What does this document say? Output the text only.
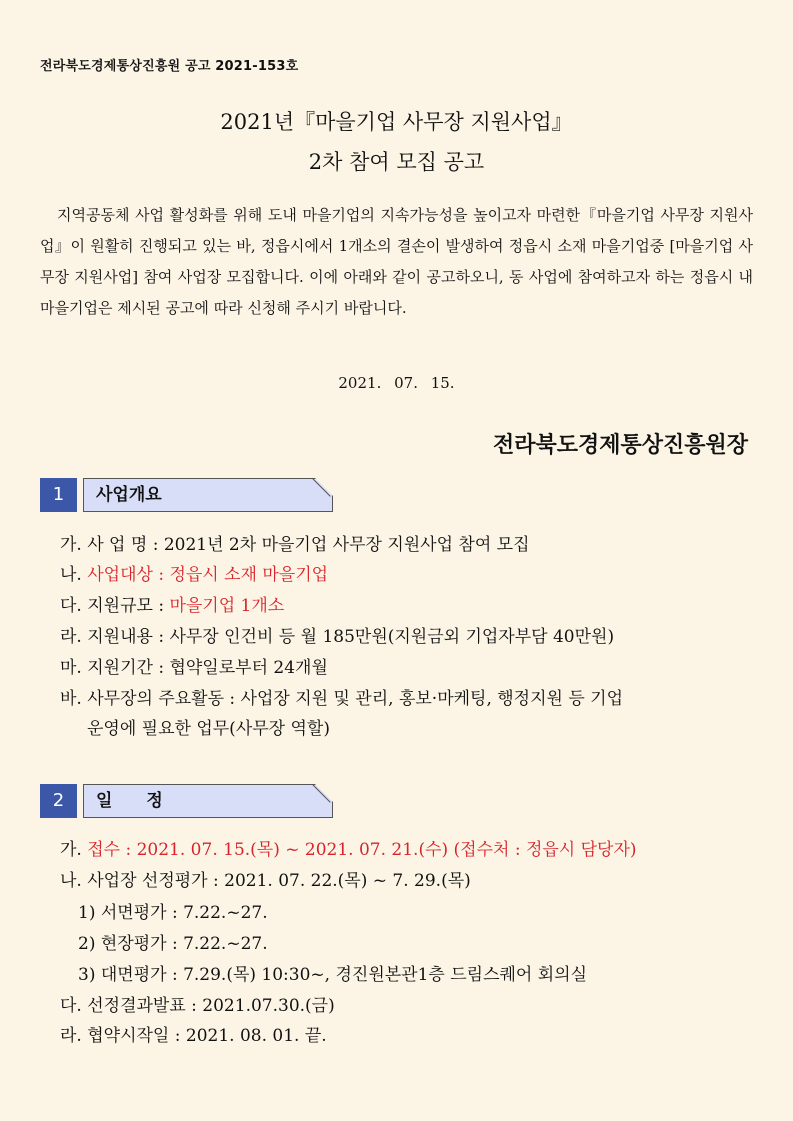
전라북도경제통상진흥원 공고 2021-153호
2021년『마을기업 사무장 지원사업』
2차 참여 모집 공고
지역공동체 사업 활성화를 위해 도내 마을기업의 지속가능성을 높이고자 마련한『마을기업 사무장 지원사업』이 원활히 진행되고 있는 바, 정읍시에서 1개소의 결손이 발생하여 정읍시 소재 마을기업중 [마을기업 사무장 지원사업] 참여 사업장 모집합니다. 이에 아래와 같이 공고하오니, 동 사업에 참여하고자 하는 정읍시 내 마을기업은 제시된 공고에 따라 신청해 주시기 바랍니다.
2021. 07. 15.
전라북도경제통상진흥원장
1	사업개요
가. 사 업 명 : 2021년 2차 마을기업 사무장 지원사업 참여 모집
나. 사업대상 : 정읍시 소재 마을기업
다. 지원규모 : 마을기업 1개소
라. 지원내용 : 사무장 인건비 등 월 185만원(지원금외 기업자부담 40만원)
마. 지원기간 : 협약일로부터 24개월
바. 사무장의 주요활동 : 사업장 지원 및 관리, 홍보·마케팅, 행정지원 등 기업
운영에 필요한 업무(사무장 역할)
2	일　　정
가. 접수 : 2021. 07. 15.(목) ~ 2021. 07. 21.(수) (접수처 : 정읍시 담당자)
나. 사업장 선정평가 : 2021. 07. 22.(목) ~ 7. 29.(목)
1) 서면평가 : 7.22.~27.
2) 현장평가 : 7.22.~27.
3) 대면평가 : 7.29.(목) 10:30~, 경진원본관1층 드림스퀘어 회의실
다. 선정결과발표 : 2021.07.30.(금)
라. 협약시작일 : 2021. 08. 01. 끝.
